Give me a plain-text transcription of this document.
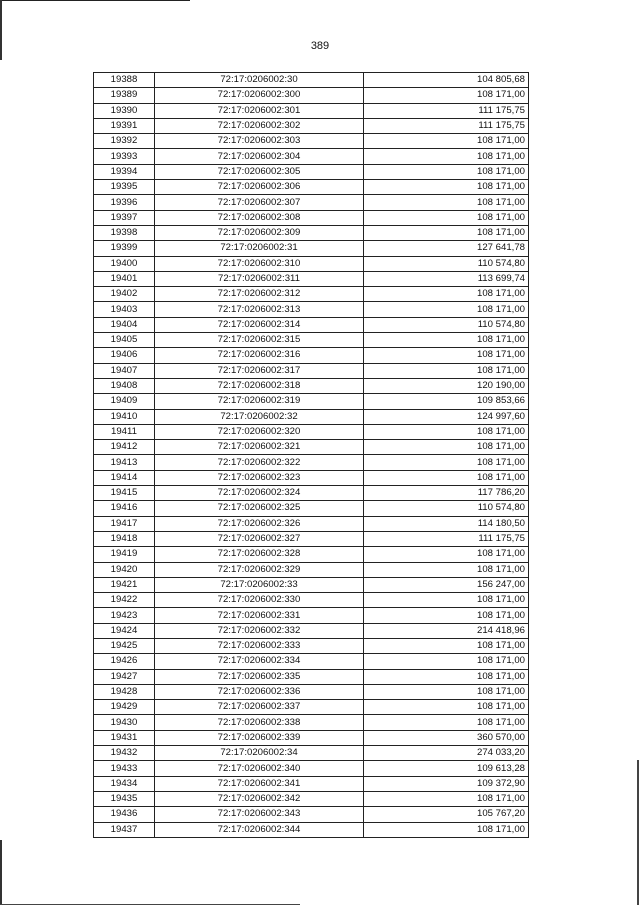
389
19388	72:17:0206002:30	104 805,68
19389	72:17:0206002:300	108 171,00
19390	72:17:0206002:301	111 175,75
19391	72:17:0206002:302	111 175,75
19392	72:17:0206002:303	108 171,00
19393	72:17:0206002:304	108 171,00
19394	72:17:0206002:305	108 171,00
19395	72:17:0206002:306	108 171,00
19396	72:17:0206002:307	108 171,00
19397	72:17:0206002:308	108 171,00
19398	72:17:0206002:309	108 171,00
19399	72:17:0206002:31	127 641,78
19400	72:17:0206002:310	110 574,80
19401	72:17:0206002:311	113 699,74
19402	72:17:0206002:312	108 171,00
19403	72:17:0206002:313	108 171,00
19404	72:17:0206002:314	110 574,80
19405	72:17:0206002:315	108 171,00
19406	72:17:0206002:316	108 171,00
19407	72:17:0206002:317	108 171,00
19408	72:17:0206002:318	120 190,00
19409	72:17:0206002:319	109 853,66
19410	72:17:0206002:32	124 997,60
19411	72:17:0206002:320	108 171,00
19412	72:17:0206002:321	108 171,00
19413	72:17:0206002:322	108 171,00
19414	72:17:0206002:323	108 171,00
19415	72:17:0206002:324	117 786,20
19416	72:17:0206002:325	110 574,80
19417	72:17:0206002:326	114 180,50
19418	72:17:0206002:327	111 175,75
19419	72:17:0206002:328	108 171,00
19420	72:17:0206002:329	108 171,00
19421	72:17:0206002:33	156 247,00
19422	72:17:0206002:330	108 171,00
19423	72:17:0206002:331	108 171,00
19424	72:17:0206002:332	214 418,96
19425	72:17:0206002:333	108 171,00
19426	72:17:0206002:334	108 171,00
19427	72:17:0206002:335	108 171,00
19428	72:17:0206002:336	108 171,00
19429	72:17:0206002:337	108 171,00
19430	72:17:0206002:338	108 171,00
19431	72:17:0206002:339	360 570,00
19432	72:17:0206002:34	274 033,20
19433	72:17:0206002:340	109 613,28
19434	72:17:0206002:341	109 372,90
19435	72:17:0206002:342	108 171,00
19436	72:17:0206002:343	105 767,20
19437	72:17:0206002:344	108 171,00
